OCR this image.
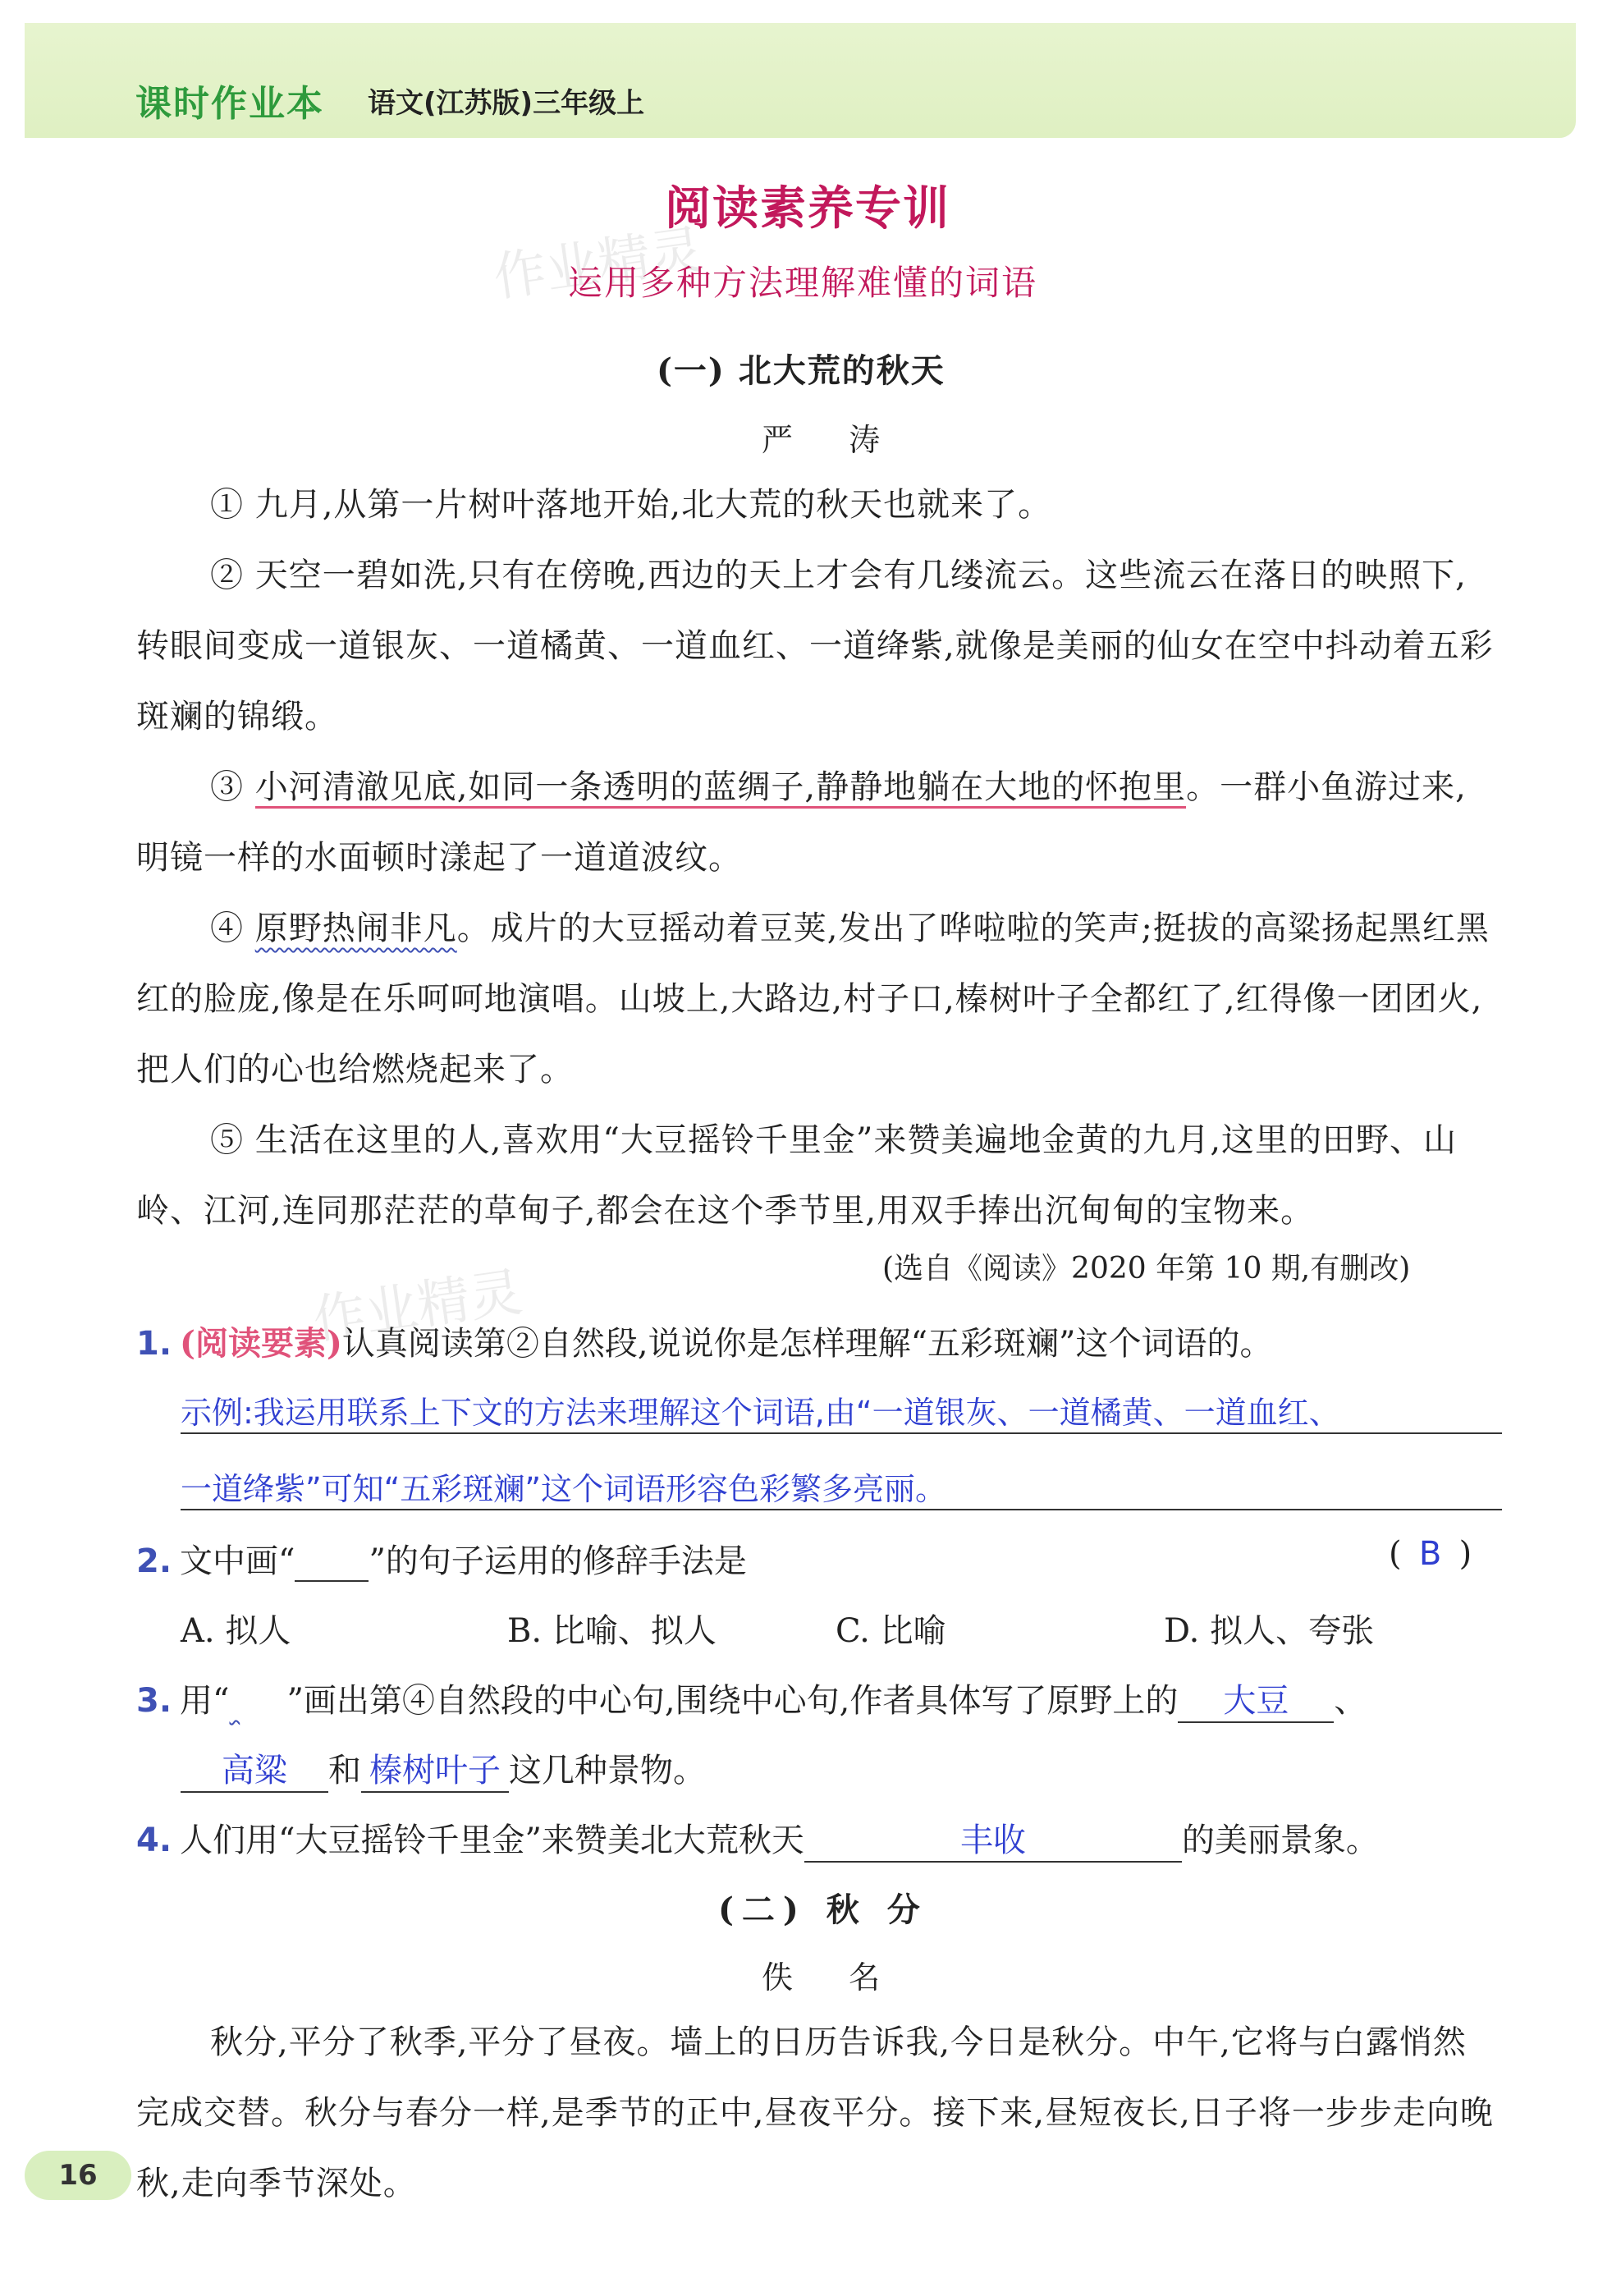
课时作业本 语文(江苏版)三年级上
作业精灵
阅读素养专训
运用多种方法理解难懂的词语
(一) 北大荒的秋天
严 涛
① 九月,从第一片树叶落地开始,北大荒的秋天也就来了。
② 天空一碧如洗,只有在傍晚,西边的天上才会有几缕流云。这些流云在落日的映照下,转眼间变成一道银灰、一道橘黄、一道血红、一道绛紫,就像是美丽的仙女在空中抖动着五彩斑斓的锦缎。
③ 小河清澈见底,如同一条透明的蓝绸子,静静地躺在大地的怀抱里。一群小鱼游过来,明镜一样的水面顿时漾起了一道道波纹。
④ 原野热闹非凡。成片的大豆摇动着豆荚,发出了哗啦啦的笑声;挺拔的高粱扬起黑红黑红的脸庞,像是在乐呵呵地演唱。山坡上,大路边,村子口,榛树叶子全都红了,红得像一团团火,把人们的心也给燃烧起来了。
⑤ 生活在这里的人,喜欢用“大豆摇铃千里金”来赞美遍地金黄的九月,这里的田野、山岭、江河,连同那茫茫的草甸子,都会在这个季节里,用双手捧出沉甸甸的宝物来。
(选自《阅读》2020 年第 10 期,有删改)
作业精灵
1. (阅读要素)认真阅读第②自然段,说说你是怎样理解“五彩斑斓”这个词语的。
示例:我运用联系上下文的方法来理解这个词语,由“一道银灰、一道橘黄、一道血红、
一道绛紫”可知“五彩斑斓”这个词语形容色彩繁多亮丽。
2. 文中画“ ”的句子运用的修辞手法是	( B )
A. 拟人	B. 比喻、拟人	C. 比喻	D. 拟人、夸张
3. 用“ ”画出第④自然段的中心句,围绕中心句,作者具体写了原野上的 大豆 、
高粱 和 榛树叶子 这几种景物。
4. 人们用“大豆摇铃千里金”来赞美北大荒秋天	丰收	的美丽景象。
(二) 秋 分
佚 名
秋分,平分了秋季,平分了昼夜。墙上的日历告诉我,今日是秋分。中午,它将与白露悄然完成交替。秋分与春分一样,是季节的正中,昼夜平分。接下来,昼短夜长,日子将一步步走向晚秋,走向季节深处。
16
